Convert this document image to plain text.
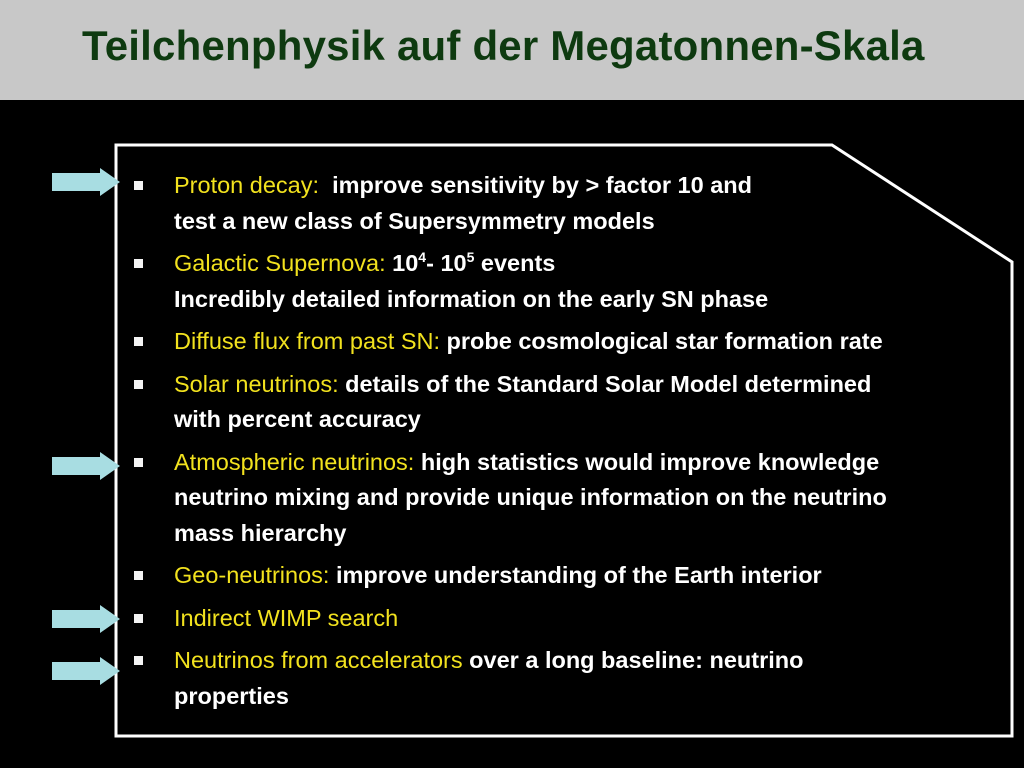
Teilchenphysik auf der Megatonnen-Skala
Proton decay: improve sensitivity by > factor 10 and
test a new class of Supersymmetry models
Galactic Supernova: $10^4-$ $10^5$ events
Incredibly detailed information on the early SN phase
Diffuse flux from past SN: probe cosmological star formation rate
Solar neutrinos: details of the Standard Solar Model determined
with percent accuracy
Atmospheric neutrinos: high statistics would improve knowledge
neutrino mixing and provide unique information on the neutrino
mass hierarchy
Geo-neutrinos: improve understanding of the Earth interior
Indirect WIMP search
Neutrinos from accelerators over a long baseline: neutrino
properties
